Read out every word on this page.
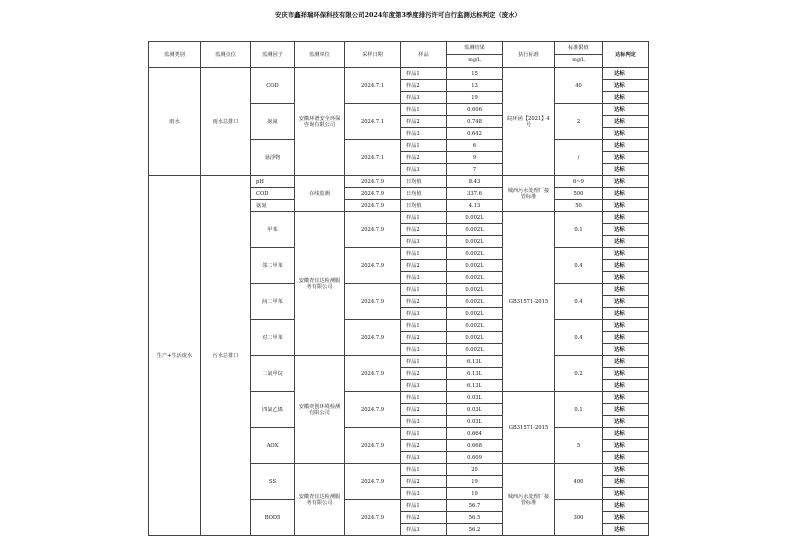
安庆市鑫祥瑞环保科技有限公司2024年度第3季度排污许可自行监测达标判定（废水）
监测类别	监测点位	监测因子	监测单位	采样日期	样品	监测结果	执行标准	标准限值	达标判定
						mg/L		mg/L	
雨水	雨水总排口	COD	安徽环谱安全环保咨询有限公司	2024.7.1	样品1	15	皖环函【2021】4号	40	达标
					样品2	13			达标
					样品3	19			达标
		氨氮		2024.7.1	样品1	0.606		2	达标
					样品2	0.748			达标
					样品3	0.642			达标
		悬浮物		2024.7.1	样品1	6		/	达标
					样品2	9			达标
					样品3	7			达标
生产+生活废水	污水总排口	pH	在线监测	2024.7.9	日均值	8.43	城西污水处理厂接管标准	6~9	达标
		COD		2024.7.9	日均值	337.6		500	达标
		氨氮		2024.7.9	日均值	4.13		50	达标
		甲苯	安徽青宜达检测服务有限公司	2024.7.9	样品1	0.002L	GB31571-2015	0.1	达标
					样品2	0.002L			达标
					样品3	0.002L			达标
		邻二甲苯		2024.7.9	样品1	0.002L		0.4	达标
					样品2	0.002L			达标
					样品3	0.002L			达标
		间二甲苯		2024.7.9	样品1	0.002L		0.4	达标
					样品2	0.002L			达标
					样品3	0.002L			达标
		对二甲苯		2024.7.9	样品1	0.002L		0.4	达标
					样品2	0.002L			达标
					样品3	0.002L			达标
		二氯甲烷	安徽奕创环境检测有限公司	2024.7.9	样品1	6.13L		0.2	达标
					样品2	6.13L			达标
					样品3	6.13L			达标
		四氯乙烯		2024.7.9	样品1	0.03L	GB31571-2015	0.1	达标
					样品2	0.03L			达标
					样品3	0.03L			达标
		AOX		2024.7.9	样品1	0.664		5	达标
					样品2	0.668			达标
					样品3	0.609			达标
		SS	安徽青宜达检测服务有限公司	2024.7.9	样品1	20	城西污水处理厂接管标准	400	达标
					样品2	19			达标
					样品3	19			达标
		BOD5		2024.7.9	样品1	56.7		300	达标
					样品2	56.5			达标
					样品3	56.2			达标
